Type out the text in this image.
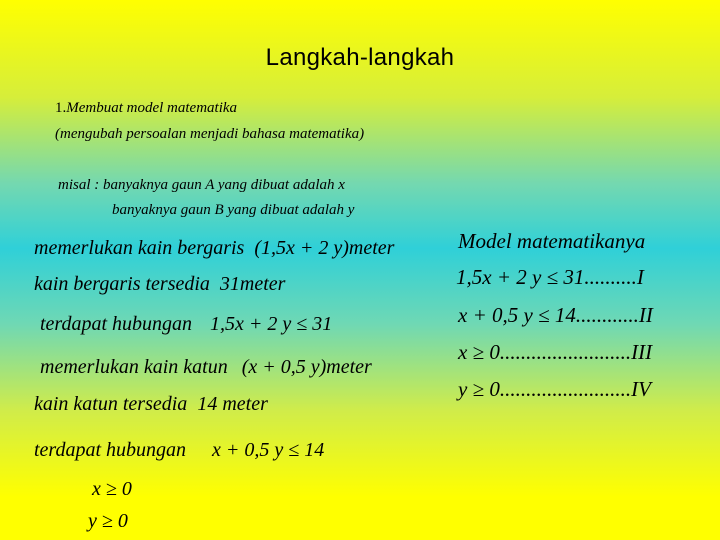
Langkah-langkah
1.Membuat model matematika
(mengubah persoalan menjadi bahasa matematika)
misal : banyaknya gaun A yang dibuat adalah x
banyaknya gaun B yang dibuat adalah y
memerlukan kain bergaris (1,5x + 2 y)meter
kain bergaris tersedia 31meter
terdapat hubungan 1,5x + 2 y ≤ 31
memerlukan kain katun (x + 0,5 y)meter
kain katun tersedia 14 meter
terdapat hubungan x + 0,5 y ≤ 14
x ≥ 0
y ≥ 0
Model matematikanya
1,5x + 2 y ≤ 31..........I
x + 0,5 y ≤ 14............II
x ≥ 0.........................III
y ≥ 0.........................IV
